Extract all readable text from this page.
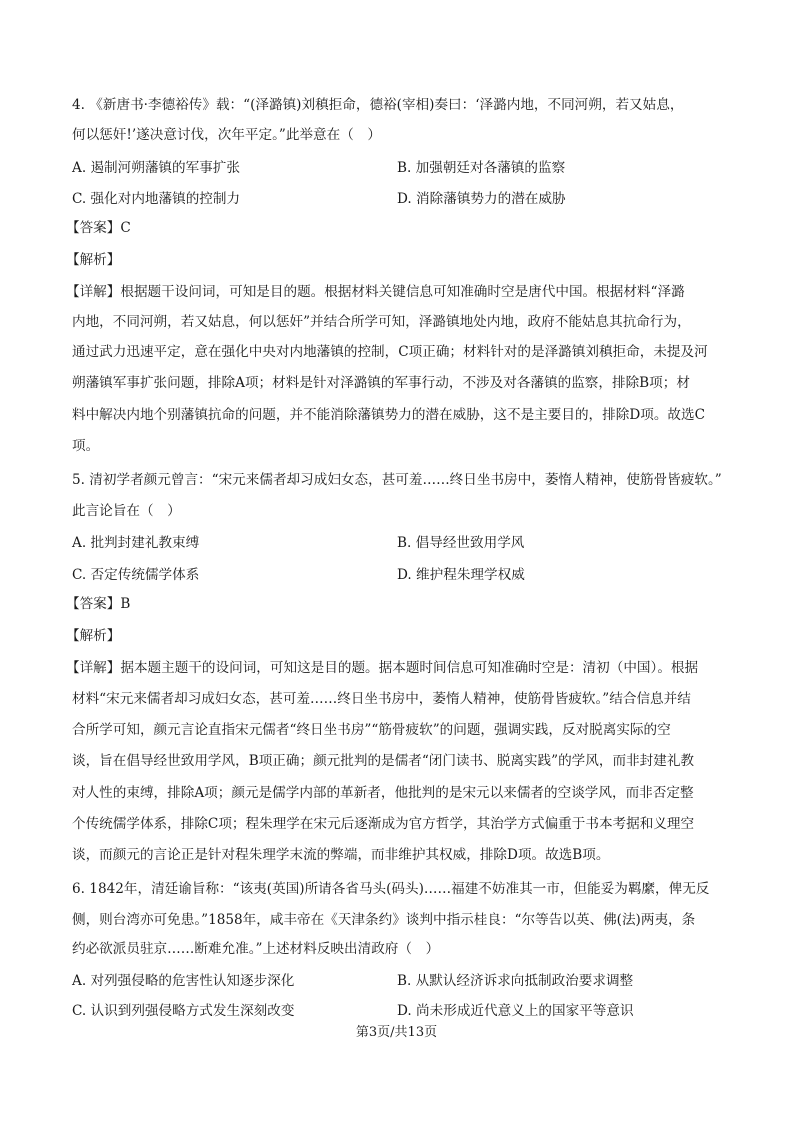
4. 《新唐书·李德裕传》载：“(泽潞镇)刘稹拒命，德裕(宰相)奏曰：‘泽潞内地，不同河朔，若又姑息，
何以惩奸!’遂决意讨伐，次年平定。”此举意在（　）
A. 遏制河朔藩镇的军事扩张	B. 加强朝廷对各藩镇的监察
C. 强化对内地藩镇的控制力	D. 消除藩镇势力的潜在威胁
【答案】C
【解析】
【详解】根据题干设问词，可知是目的题。根据材料关键信息可知准确时空是唐代中国。根据材料“泽潞
内地，不同河朔，若又姑息，何以惩奸”并结合所学可知，泽潞镇地处内地，政府不能姑息其抗命行为，
通过武力迅速平定，意在强化中央对内地藩镇的控制，C项正确；材料针对的是泽潞镇刘稹拒命，未提及河
朔藩镇军事扩张问题，排除A项；材料是针对泽潞镇的军事行动，不涉及对各藩镇的监察，排除B项；材
料中解决内地个别藩镇抗命的问题，并不能消除藩镇势力的潜在威胁，这不是主要目的，排除D项。故选C
项。
5. 清初学者颜元曾言：“宋元来儒者却习成妇女态，甚可羞……终日坐书房中，萎惰人精神，使筋骨皆疲软。”
此言论旨在（　）
A. 批判封建礼教束缚	B. 倡导经世致用学风
C. 否定传统儒学体系	D. 维护程朱理学权威
【答案】B
【解析】
【详解】据本题主题干的设问词，可知这是目的题。据本题时间信息可知准确时空是：清初（中国）。根据
材料“宋元来儒者却习成妇女态，甚可羞……终日坐书房中，萎惰人精神，使筋骨皆疲软。”结合信息并结
合所学可知，颜元言论直指宋元儒者“终日坐书房”“筋骨疲软”的问题，强调实践，反对脱离实际的空
谈，旨在倡导经世致用学风，B项正确；颜元批判的是儒者“闭门读书、脱离实践”的学风，而非封建礼教
对人性的束缚，排除A项；颜元是儒学内部的革新者，他批判的是宋元以来儒者的空谈学风，而非否定整
个传统儒学体系，排除C项；程朱理学在宋元后逐渐成为官方哲学，其治学方式偏重于书本考据和义理空
谈，而颜元的言论正是针对程朱理学末流的弊端，而非维护其权威，排除D项。故选B项。
6. 1842年，清廷谕旨称：“该夷(英国)所请各省马头(码头)……福建不妨准其一市，但能妥为羁縻，俾无反
侧，则台湾亦可免患。”1858年，咸丰帝在《天津条约》谈判中指示桂良：“尔等告以英、佛(法)两夷，条
约必欲派员驻京……断难允准。”上述材料反映出清政府（　）
A. 对列强侵略的危害性认知逐步深化	B. 从默认经济诉求向抵制政治要求调整
C. 认识到列强侵略方式发生深刻改变	D. 尚未形成近代意义上的国家平等意识
第3页/共13页
